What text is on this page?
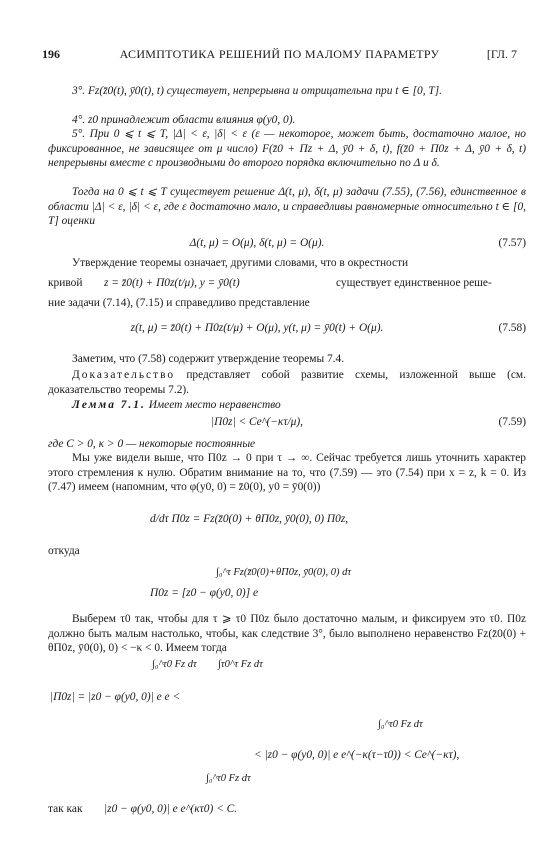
196	АСИМПТОТИКА РЕШЕНИЙ ПО МАЛОМУ ПАРАМЕТРУ	[ГЛ. 7
3°. Fz(z̄0(t), ȳ0(t), t) существует, непрерывна и отрицательна при t ∈ [0, T].
4°. z0 принадлежит области влияния φ(y0, 0).
5°. При 0 ⩽ t ⩽ T, |Δ| < ε, |δ| < ε (ε — некоторое, может быть, достаточно малое, но фиксированное, не зависящее от μ число) F(z̄0 + Πz + Δ, ȳ0 + δ, t), f(z̄0 + Π0z + Δ, ȳ0 + δ, t) непрерывны вместе с производными до второго порядка включительно по Δ и δ.
Тогда на 0 ⩽ t ⩽ T существует решение Δ(t, μ), δ(t, μ) задачи (7.55), (7.56), единственное в области |Δ| < ε, |δ| < ε, где ε достаточно мало, и справедливы равномерные относительно t ∈ [0, T] оценки
Δ(t, μ) = O(μ), δ(t, μ) = O(μ).	(7.57)
Утверждение теоремы означает, другими словами, что в окрестности
кривой z = z̄0(t) + Π0z(t/μ), y = ȳ0(t)	существует единственное реше-
ние задачи (7.14), (7.15) и справедливо представление
z(t, μ) = z̄0(t) + Π0z(t/μ) + O(μ), y(t, μ) = ȳ0(t) + O(μ).	(7.58)
Заметим, что (7.58) содержит утверждение теоремы 7.4.
Доказательство представляет собой развитие схемы, изложенной выше (см. доказательство теоремы 7.2).
Лемма 7.1. Имеет место неравенство
|Π0z| < Ce^(−κτ/μ),	(7.59)
где C > 0, κ > 0 — некоторые постоянные
Мы уже видели выше, что Π0z → 0 при τ → ∞. Сейчас требуется лишь уточнить характер этого стремления к нулю. Обратим внимание на то, что (7.59) — это (7.54) при x = z, k = 0. Из (7.47) имеем (напомним, что φ(y0, 0) = z̄0(0), y0 = ȳ0(0))
d/dτ Π0z = Fz(z̄0(0) + θΠ0z, ȳ0(0), 0) Π0z,
откуда
∫₀^τ Fz(z̄0(0)+θΠ0z, ȳ0(0), 0) dτ
Π0z = [z0 − φ(y0, 0)] e
Выберем τ0 так, чтобы для τ ⩾ τ0 Π0z было достаточно малым, и фиксируем это τ0. Π0z должно быть малым настолько, чтобы, как следствие 3°, было выполнено неравенство Fz(z̄0(0) + θΠ0z, ȳ0(0), 0) < −κ < 0. Имеем тогда
∫₀^τ0 Fz dτ ∫τ0^τ Fz dτ
|Π0z| = |z0 − φ(y0, 0)| e e <
∫₀^τ0 Fz dτ
< |z0 − φ(y0, 0)| e e^(−κ(τ−τ0)) < Ce^(−κτ),
∫₀^τ0 Fz dτ
так как |z0 − φ(y0, 0)| e e^(κτ0) < C.
